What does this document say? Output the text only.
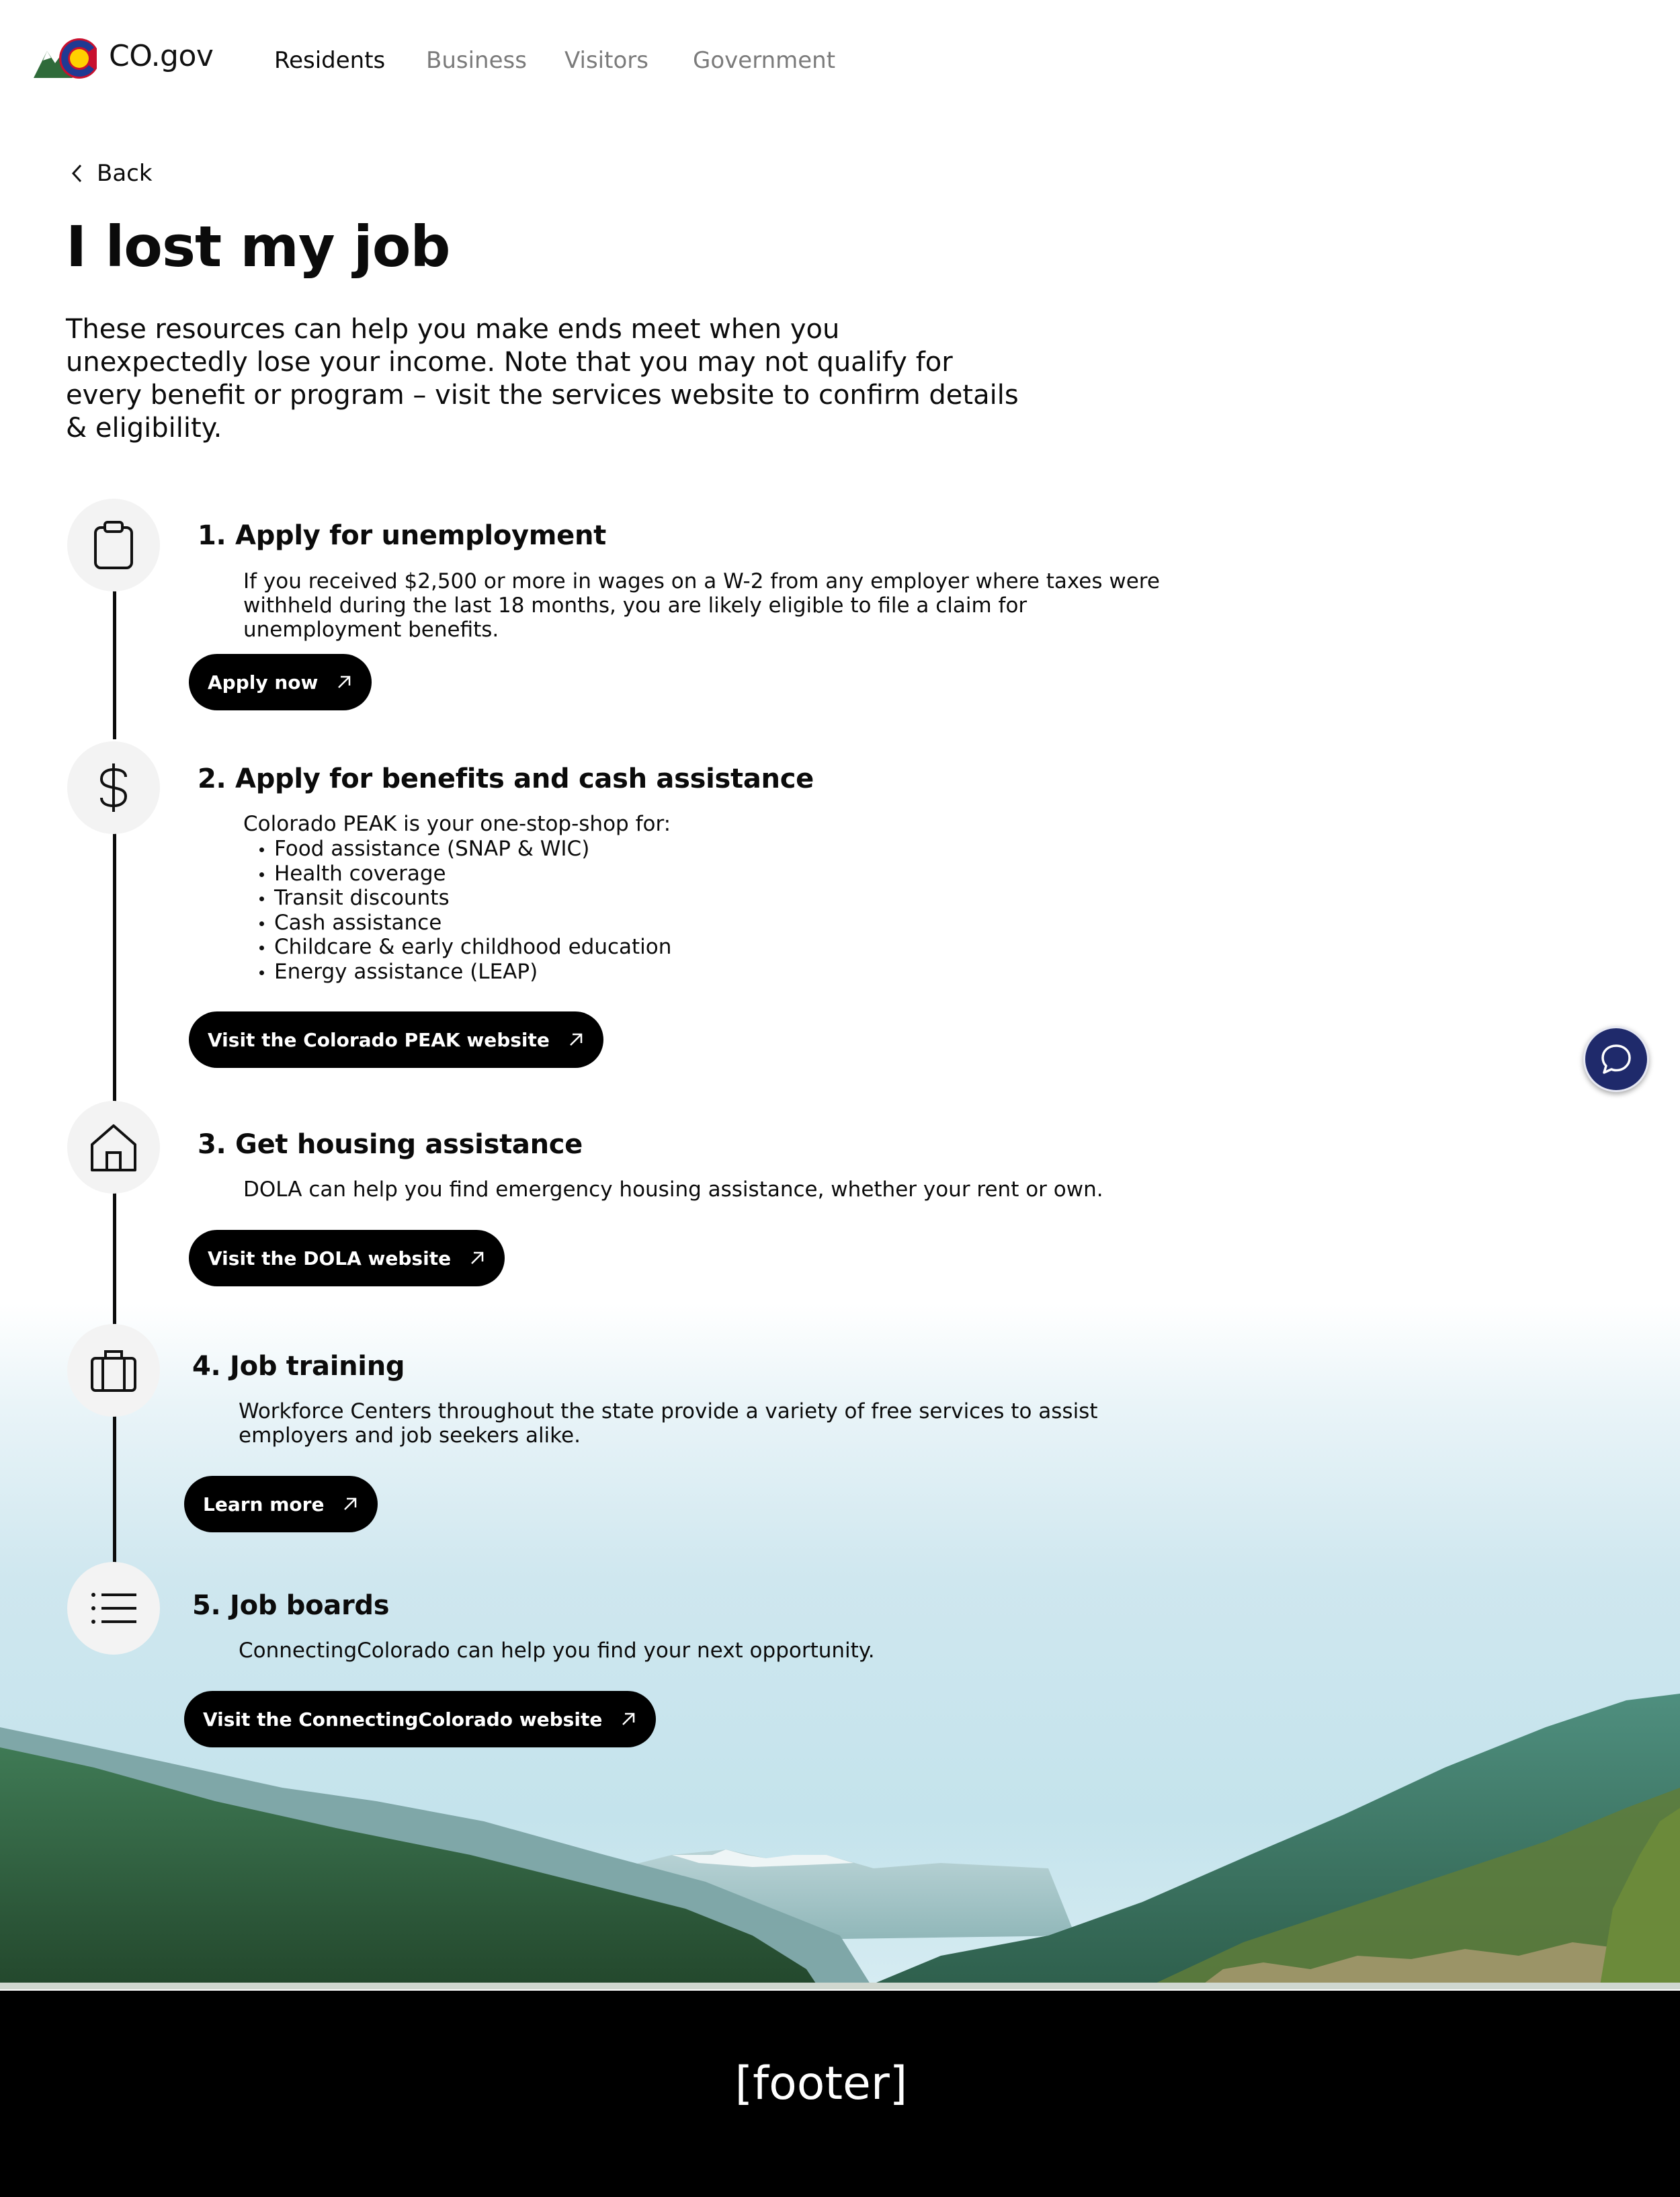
CO.gov	Residents Business Visitors Government
Back
I lost my job

These resources can help you make ends meet when you unexpectedly lose your income. Note that you may not qualify for every benefit or program – visit the services website to confirm details & eligibility.

1. Apply for unemployment

If you received $2,500 or more in wages on a W-2 from any employer where taxes were withheld during the last 18 months, you are likely eligible to file a claim for unemployment benefits.

Apply now
2. Apply for benefits and cash assistance

Colorado PEAK is your one-stop-shop for:

Food assistance (SNAP & WIC)
Health coverage
Transit discounts
Cash assistance
Childcare & early childhood education
Energy assistance (LEAP)
Visit the Colorado PEAK website
3. Get housing assistance

DOLA can help you find emergency housing assistance, whether your rent or own.

Visit the DOLA website
4. Job training

Workforce Centers throughout the state provide a variety of free services to assist employers and job seekers alike.

Learn more
5. Job boards

ConnectingColorado can help you find your next opportunity.

Visit the ConnectingColorado website
[footer]
